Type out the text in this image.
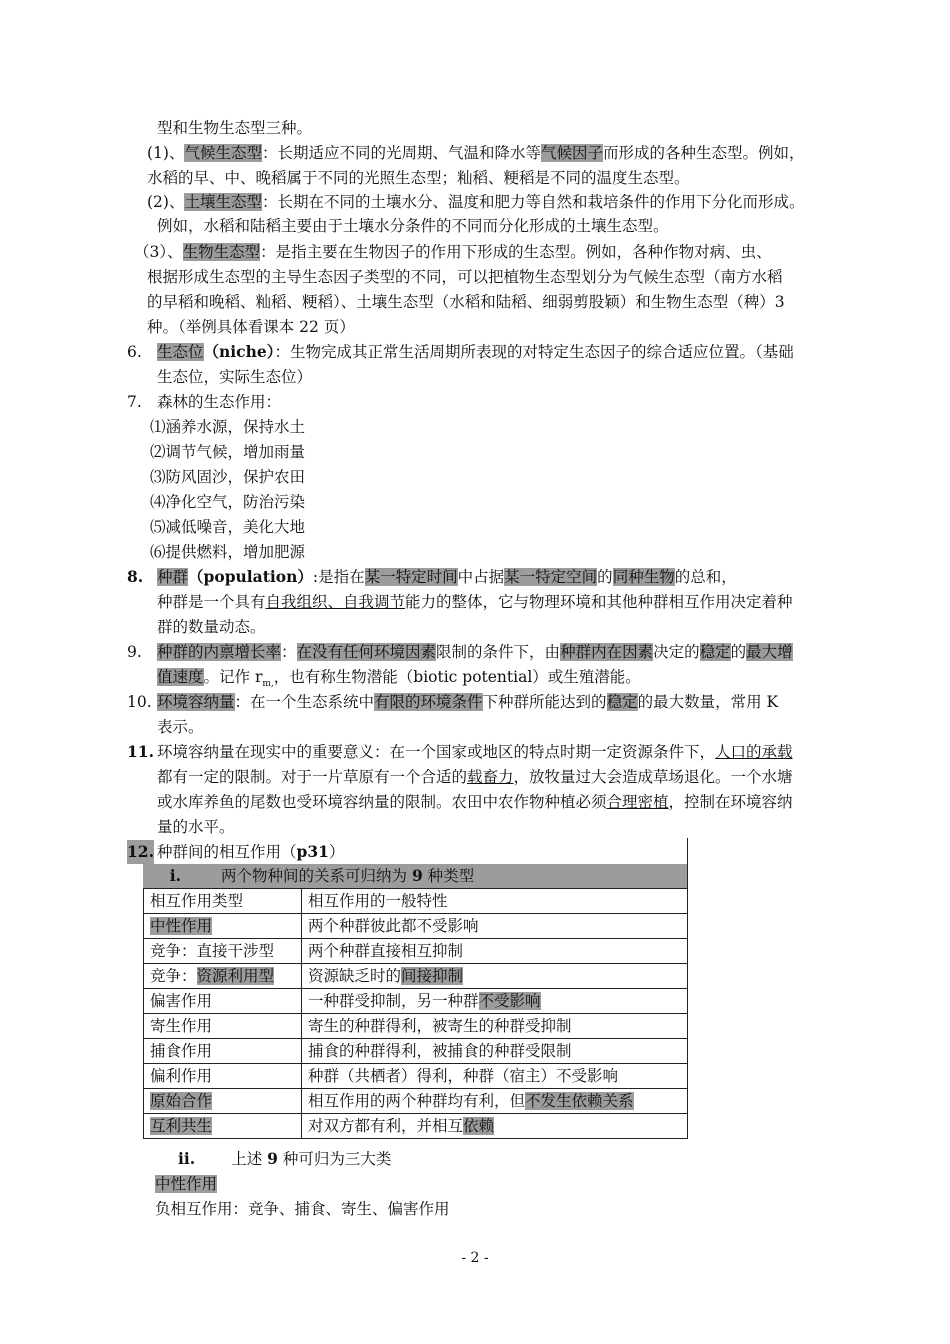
型和生物生态型三种。
(1)、气候生态型：长期适应不同的光周期、气温和降水等气候因子而形成的各种生态型。例如，
水稻的早、中、晚稻属于不同的光照生态型；籼稻、粳稻是不同的温度生态型。
(2)、土壤生态型：长期在不同的土壤水分、温度和肥力等自然和栽培条件的作用下分化而形成。
例如，水稻和陆稻主要由于土壤水分条件的不同而分化形成的土壤生态型。
（3）、生物生态型：是指主要在生物因子的作用下形成的生态型。例如，各种作物对病、虫、
根据形成生态型的主导生态因子类型的不同，可以把植物生态型划分为气候生态型（南方水稻
的早稻和晚稻、籼稻、粳稻）、土壤生态型（水稻和陆稻、细弱剪股颖）和生物生态型（稗）3
种。（举例具体看课本 22 页）
6. 生态位（niche）：生物完成其正常生活周期所表现的对特定生态因子的综合适应位置。（基础
生态位，实际生态位）
7. 森林的生态作用：
⑴涵养水源，保持水土
⑵调节气候，增加雨量
⑶防风固沙，保护农田
⑷净化空气，防治污染
⑸减低噪音，美化大地
⑹提供燃料，增加肥源
8. 种群（population）:是指在某一特定时间中占据某一特定空间的同种生物的总和，
种群是一个具有自我组织、自我调节能力的整体，它与物理环境和其他种群相互作用决定着种
群的数量动态。
9. 种群的内禀增长率：在没有任何环境因素限制的条件下，由种群内在因素决定的稳定的最大增
值速度。记作 $r_{m,}$，也有称生物潜能（biotic potential）或生殖潜能。
10. 环境容纳量：在一个生态系统中有限的环境条件下种群所能达到的稳定的最大数量，常用 K
表示。
11. 环境容纳量在现实中的重要意义：在一个国家或地区的特点时期一定资源条件下，人口的承载
都有一定的限制。对于一片草原有一个合适的载畜力，放牧量过大会造成草场退化。一个水塘
或水库养鱼的尾数也受环境容纳量的限制。农田中农作物种植必须合理密植，控制在环境容纳
量的水平。
12. 种群间的相互作用（p31）
i.	两个物种间的关系可归纳为 9 种类型
相互作用类型	相互作用的一般特性
中性作用	两个种群彼此都不受影响
竞争：直接干涉型	两个种群直接相互抑制
竞争：资源利用型	资源缺乏时的间接抑制
偏害作用	一种群受抑制，另一种群不受影响
寄生作用	寄生的种群得利，被寄生的种群受抑制
捕食作用	捕食的种群得利，被捕食的种群受限制
偏利作用	种群（共栖者）得利，种群（宿主）不受影响
原始合作	相互作用的两个种群均有利，但不发生依赖关系
互利共生	对双方都有利，并相互依赖
ii. 上述 9 种可归为三大类
中性作用
负相互作用：竞争、捕食、寄生、偏害作用
- 2 -
